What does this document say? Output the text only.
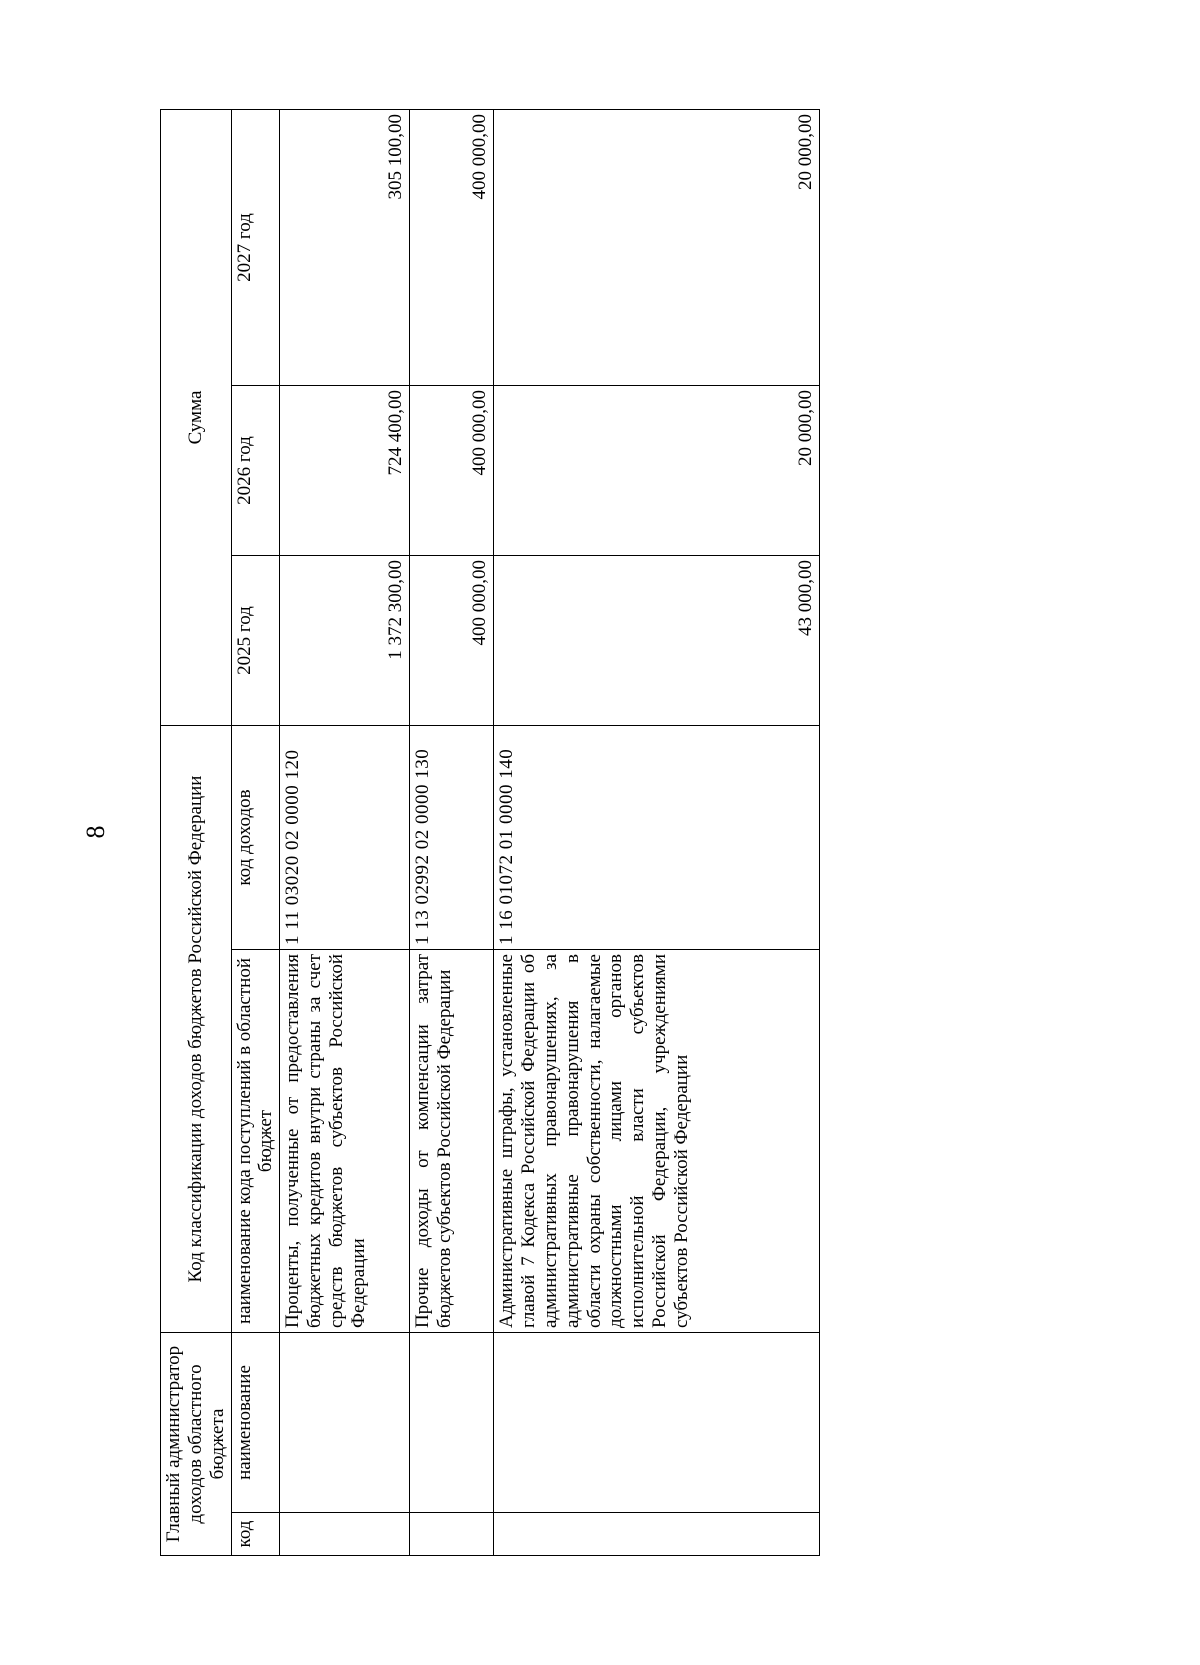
8
Главный администратор доходов областного бюджета		Код классификации доходов бюджетов Российской Федерации		Сумма		
код	наименование	наименование кода поступлений в областной бюджет	код доходов	2025 год	2026 год	2027 год
		Проценты, полученные от предоставления бюджетных кредитов внутри страны за счет средств бюджетов субъектов Российской Федерации	1 11 03020 02 0000 120	1 372 300,00	724 400,00	305 100,00
		Прочие доходы от компенсации затрат бюджетов субъектов Российской Федерации	1 13 02992 02 0000 130	400 000,00	400 000,00	400 000,00
		Административные штрафы, установленные главой 7 Кодекса Российской Федерации об административных правонарушениях, за административные правонарушения в области охраны собственности, налагаемые должностными лицами органов исполнительной власти субъектов Российской Федерации, учреждениями субъектов Российской Федерации	1 16 01072 01 0000 140	43 000,00	20 000,00	20 000,00
